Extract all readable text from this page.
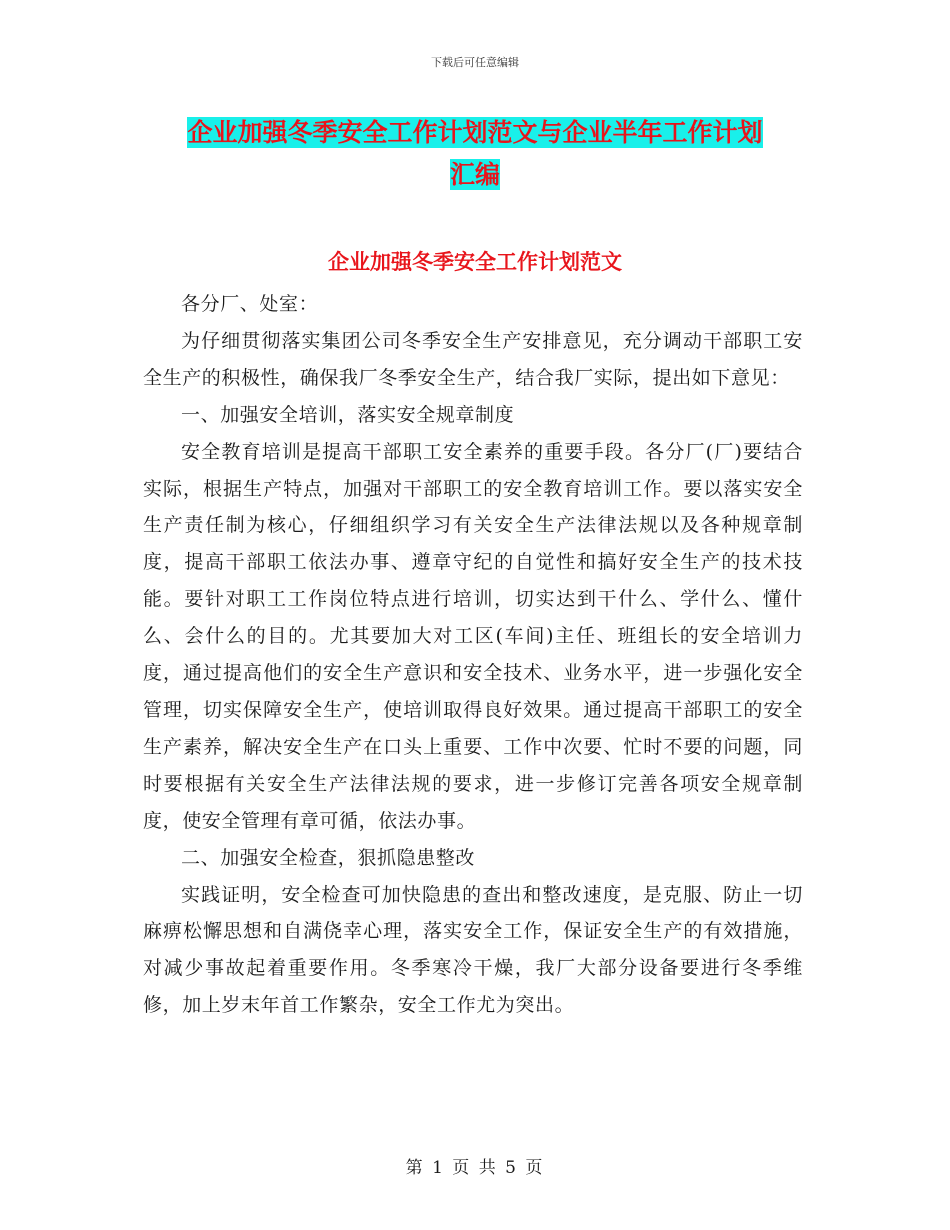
下载后可任意编辑
企业加强冬季安全工作计划范文与企业半年工作计划
汇编
企业加强冬季安全工作计划范文

各分厂、处室：

为仔细贯彻落实集团公司冬季安全生产安排意见，充分调动干部职工安全生产的积极性，确保我厂冬季安全生产，结合我厂实际，提出如下意见：

一、加强安全培训，落实安全规章制度

安全教育培训是提高干部职工安全素养的重要手段。各分厂(厂)要结合实际，根据生产特点，加强对干部职工的安全教育培训工作。要以落实安全生产责任制为核心，仔细组织学习有关安全生产法律法规以及各种规章制度，提高干部职工依法办事、遵章守纪的自觉性和搞好安全生产的技术技能。要针对职工工作岗位特点进行培训，切实达到干什么、学什么、懂什么、会什么的目的。尤其要加大对工区(车间)主任、班组长的安全培训力度，通过提高他们的安全生产意识和安全技术、业务水平，进一步强化安全管理，切实保障安全生产，使培训取得良好效果。通过提高干部职工的安全生产素养，解决安全生产在口头上重要、工作中次要、忙时不要的问题，同时要根据有关安全生产法律法规的要求，进一步修订完善各项安全规章制度，使安全管理有章可循，依法办事。

二、加强安全检查，狠抓隐患整改

实践证明，安全检查可加快隐患的查出和整改速度，是克服、防止一切麻痹松懈思想和自满侥幸心理，落实安全工作，保证安全生产的有效措施，对减少事故起着重要作用。冬季寒冷干燥，我厂大部分设备要进行冬季维修，加上岁末年首工作繁杂，安全工作尤为突出。

第 1 页 共 5 页
